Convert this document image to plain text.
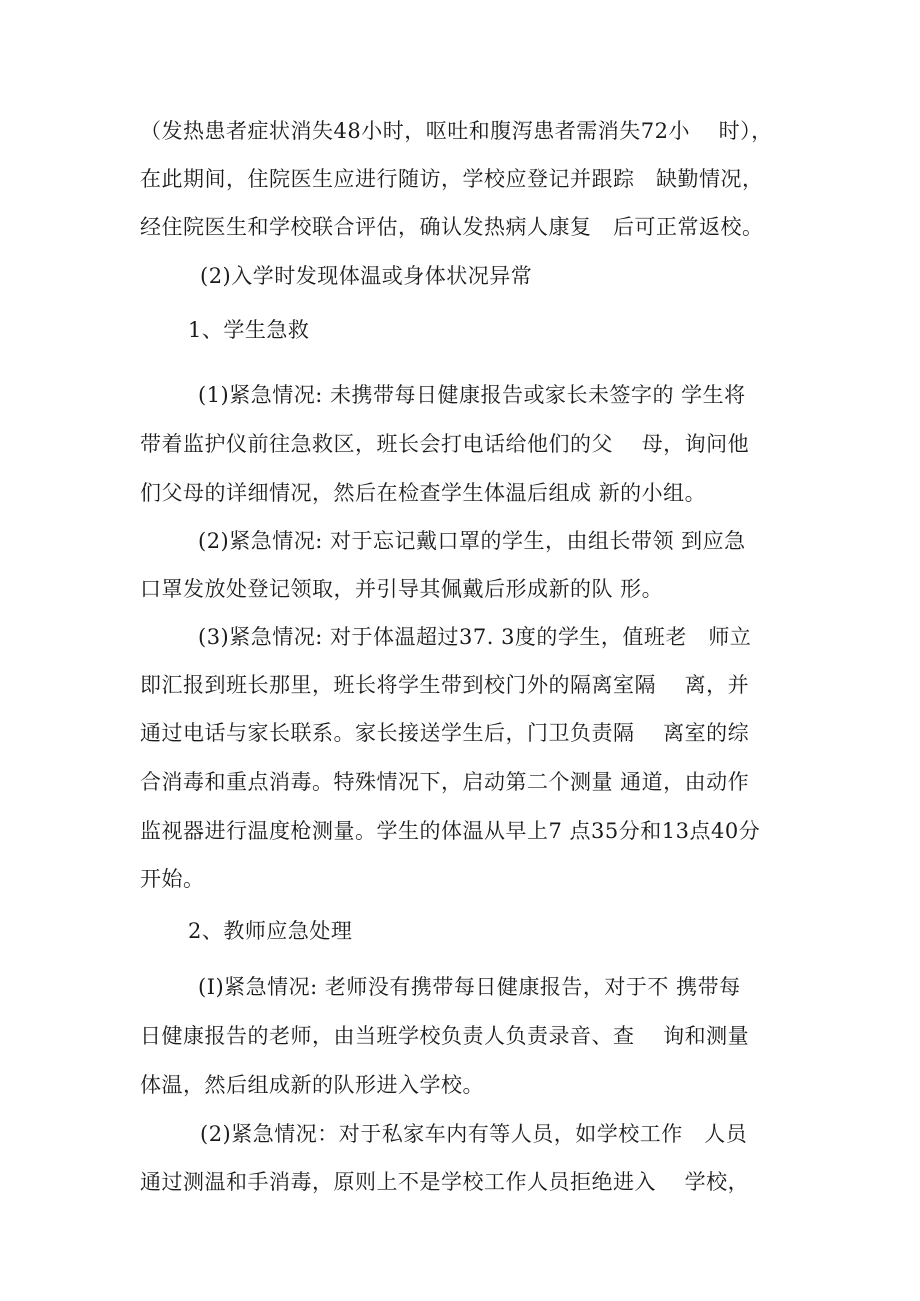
（发热患者症状消失48小时，呕吐和腹泻患者需消失72小　 时），
在此期间，住院医生应进行随访，学校应登记并跟踪　缺勤情况，
经住院医生和学校联合评估，确认发热病人康复　后可正常返校。
(2)入学时发现体温或身体状况异常
1、学生急救
(1)紧急情况: 未携带每日健康报告或家长未签字的 学生将
带着监护仪前往急救区，班长会打电话给他们的父　 母，询问他
们父母的详细情况，然后在检查学生体温后组成 新的小组。
(2)紧急情况: 对于忘记戴口罩的学生，由组长带领 到应急
口罩发放处登记领取，并引导其佩戴后形成新的队 形。
(3)紧急情况: 对于体温超过37. 3度的学生，值班老　师立
即汇报到班长那里，班长将学生带到校门外的隔离室隔　 离，并
通过电话与家长联系。家长接送学生后，门卫负责隔　 离室的综
合消毒和重点消毒。特殊情况下，启动第二个测量 通道，由动作
监视器进行温度枪测量。学生的体温从早上7 点35分和13点40分
开始。
2、教师应急处理
(I)紧急情况: 老师没有携带每日健康报告，对于不 携带每
日健康报告的老师，由当班学校负责人负责录音、查　 询和测量
体温，然后组成新的队形进入学校。
(2)紧急情况：对于私家车内有等人员，如学校工作　人员
通过测温和手消毒，原则上不是学校工作人员拒绝进入　 学校，
